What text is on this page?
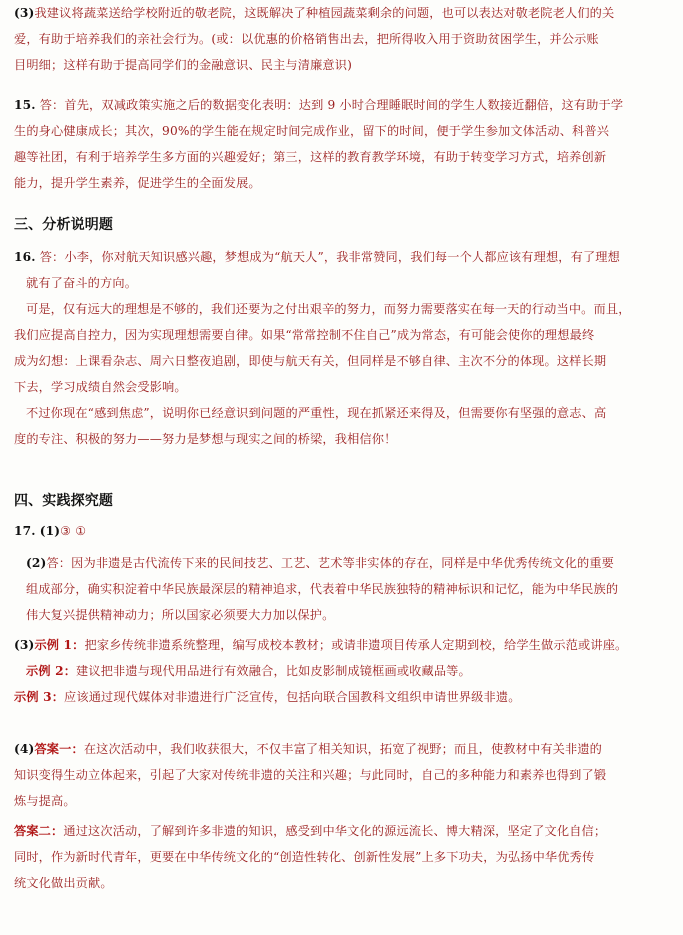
(3)我建议将蔬菜送给学校附近的敬老院，这既解决了种植园蔬菜剩余的问题，也可以表达对敬老院老人们的关
爱，有助于培养我们的亲社会行为。(或：以优惠的价格销售出去，把所得收入用于资助贫困学生，并公示账
目明细；这样有助于提高同学们的金融意识、民主与清廉意识)
15. 答：首先，双减政策实施之后的数据变化表明：达到 9 小时合理睡眠时间的学生人数接近翻倍，这有助于学
生的身心健康成长；其次，90%的学生能在规定时间完成作业，留下的时间，便于学生参加文体活动、科普兴
趣等社团，有利于培养学生多方面的兴趣爱好；第三，这样的教育教学环境，有助于转变学习方式，培养创新
能力，提升学生素养，促进学生的全面发展。
三、分析说明题
16. 答：小李，你对航天知识感兴趣，梦想成为“航天人”，我非常赞同，我们每一个人都应该有理想，有了理想
就有了奋斗的方向。
可是，仅有远大的理想是不够的，我们还要为之付出艰辛的努力，而努力需要落实在每一天的行动当中。而且，
我们应提高自控力，因为实现理想需要自律。如果“常常控制不住自己”成为常态，有可能会使你的理想最终
成为幻想：上课看杂志、周六日整夜追剧，即使与航天有关，但同样是不够自律、主次不分的体现。这样长期
下去，学习成绩自然会受影响。
不过你现在“感到焦虑”，说明你已经意识到问题的严重性，现在抓紧还来得及，但需要你有坚强的意志、高
度的专注、积极的努力——努力是梦想与现实之间的桥梁，我相信你！
四、实践探究题
17. (1)③ ①
(2)答：因为非遗是古代流传下来的民间技艺、工艺、艺术等非实体的存在，同样是中华优秀传统文化的重要
组成部分，确实积淀着中华民族最深层的精神追求，代表着中华民族独特的精神标识和记忆，能为中华民族的
伟大复兴提供精神动力；所以国家必须要大力加以保护。
(3)示例 1：把家乡传统非遗系统整理，编写成校本教材；或请非遗项目传承人定期到校，给学生做示范或讲座。
示例 2：建议把非遗与现代用品进行有效融合，比如皮影制成镜框画或收藏品等。
示例 3：应该通过现代媒体对非遗进行广泛宣传，包括向联合国教科文组织申请世界级非遗。
(4)答案一：在这次活动中，我们收获很大，不仅丰富了相关知识，拓宽了视野；而且，使教材中有关非遗的
知识变得生动立体起来，引起了大家对传统非遗的关注和兴趣；与此同时，自己的多种能力和素养也得到了锻
炼与提高。
答案二：通过这次活动，了解到许多非遗的知识，感受到中华文化的源远流长、博大精深，坚定了文化自信；
同时，作为新时代青年，更要在中华传统文化的“创造性转化、创新性发展”上多下功夫，为弘扬中华优秀传
统文化做出贡献。
